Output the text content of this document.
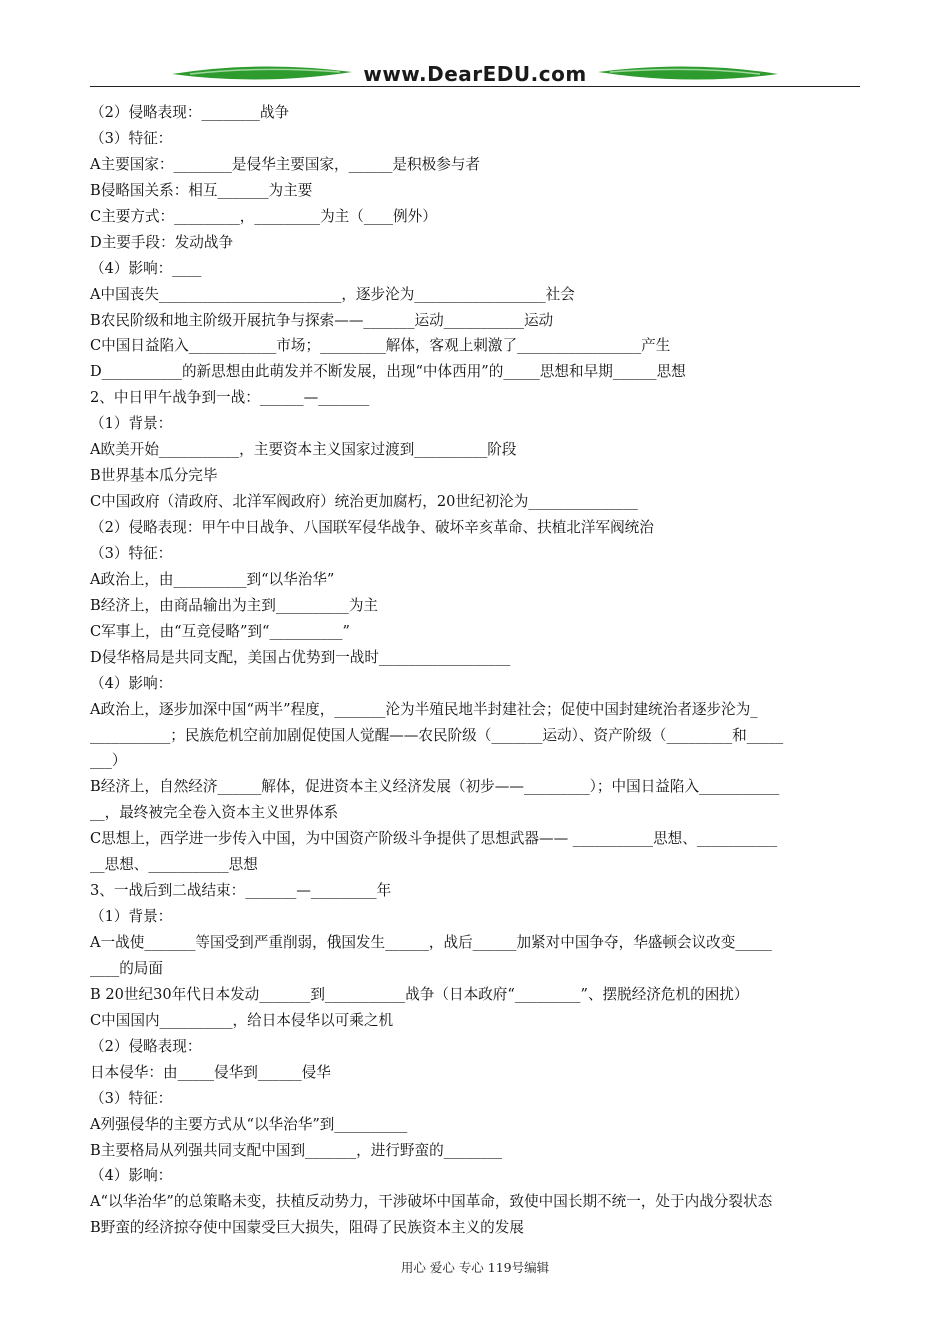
www.DearEDU.com
（2）侵略表现：________战争
（3）特征：
A主要国家：________是侵华主要国家，______是积极参与者
B侵略国关系：相互_______为主要
C主要方式：_________，_________为主（____例外）
D主要手段：发动战争
（4）影响：____
A中国丧失_________________________，逐步沦为__________________社会
B农民阶级和地主阶级开展抗争与探索——_______运动___________运动
C中国日益陷入____________市场；_________解体，客观上刺激了_________________产生
D___________的新思想由此萌发并不断发展，出现“中体西用”的_____思想和早期______思想
2、中日甲午战争到一战：______—_______
（1）背景：
A欧美开始___________，主要资本主义国家过渡到__________阶段
B世界基本瓜分完毕
C中国政府（清政府、北洋军阀政府）统治更加腐朽，20世纪初沦为_______________
（2）侵略表现：甲午中日战争、八国联军侵华战争、破坏辛亥革命、扶植北洋军阀统治
（3）特征：
A政治上，由__________到“以华治华”
B经济上，由商品输出为主到__________为主
C军事上，由“互竞侵略”到“__________”
D侵华格局是共同支配，美国占优势到一战时__________________
（4）影响：
A政治上，逐步加深中国“两半”程度，_______沦为半殖民地半封建社会；促使中国封建统治者逐步沦为_
___________；民族危机空前加剧促使国人觉醒——农民阶级（_______运动）、资产阶级（_________和_____
___）
B经济上，自然经济______解体，促进资本主义经济发展（初步——_________）；中国日益陷入___________
__，最终被完全卷入资本主义世界体系
C思想上，西学进一步传入中国，为中国资产阶级斗争提供了思想武器—— ___________思想、___________
__思想、___________思想
3、一战后到二战结束：_______—_________年
（1）背景：
A一战使_______等国受到严重削弱，俄国发生______，战后______加紧对中国争夺，华盛顿会议改变_____
____的局面
B 20世纪30年代日本发动_______到___________战争（日本政府“_________”、摆脱经济危机的困扰）
C中国国内__________，给日本侵华以可乘之机
（2）侵略表现：
日本侵华：由_____侵华到______侵华
（3）特征：
A列强侵华的主要方式从“以华治华”到__________
B主要格局从列强共同支配中国到_______，进行野蛮的________
（4）影响：
A“以华治华”的总策略未变，扶植反动势力，干涉破坏中国革命，致使中国长期不统一，处于内战分裂状态
B野蛮的经济掠夺使中国蒙受巨大损失，阻碍了民族资本主义的发展
用心 爱心 专心 119号编辑
